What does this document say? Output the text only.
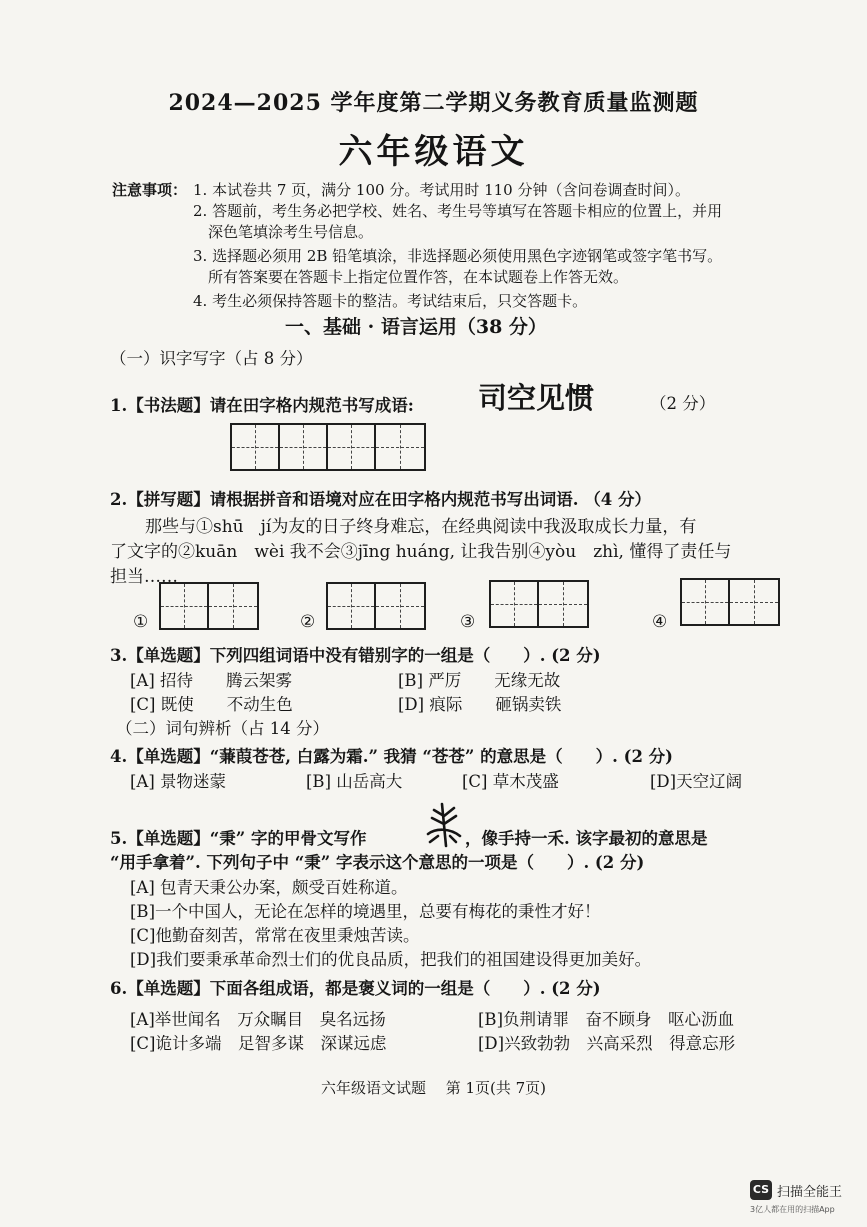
2024—2025 学年度第二学期义务教育质量监测题
六年级语文
注意事项： 1. 本试卷共 7 页，满分 100 分。考试用时 110 分钟（含问卷调查时间）。
2. 答题前，考生务必把学校、姓名、考生号等填写在答题卡相应的位置上，并用
深色笔填涂考生号信息。
3. 选择题必须用 2B 铅笔填涂，非选择题必须使用黑色字迹钢笔或签字笔书写。
所有答案要在答题卡上指定位置作答，在本试题卷上作答无效。
4. 考生必须保持答题卡的整洁。考试结束后，只交答题卡。
一、基础 · 语言运用（38 分）
（一）识字写字（占 8 分）
1.【书法题】请在田字格内规范书写成语: 司空见惯	（2 分）
2.【拼写题】请根据拼音和语境对应在田字格内规范书写出词语. （4 分）
那些与①shū　jí为友的日子终身难忘，在经典阅读中我汲取成长力量，有
了文字的②kuān　wèi 我不会③jīng huáng, 让我告别④yòu　zhì, 懂得了责任与
担当……
①	②	③	④
3.【单选题】下列四组词语中没有错别字的一组是（　　）. (2 分)
[A] 招待　　腾云架雾	[B] 严厉　　无缘无故
[C] 既使　　不动生色	[D] 痕际　　砸锅卖铁
（二）词句辨析（占 14 分）
4.【单选题】“蒹葭苍苍, 白露为霜.” 我猜 “苍苍” 的意思是（　　）. (2 分)
[A] 景物迷蒙	[B] 山岳高大	[C] 草木茂盛	[D]天空辽阔
5.【单选题】“秉” 字的甲骨文写作	，像手持一禾. 该字最初的意思是
“用手拿着”. 下列句子中 “秉” 字表示这个意思的一项是（　　）. (2 分)
[A] 包青天秉公办案，颇受百姓称道。
[B]一个中国人，无论在怎样的境遇里，总要有梅花的秉性才好！
[C]他勤奋刻苦，常常在夜里秉烛苦读。
[D]我们要秉承革命烈士们的优良品质，把我们的祖国建设得更加美好。
6.【单选题】下面各组成语，都是褒义词的一组是（　　）. (2 分)
[A]举世闻名　万众瞩目　臭名远扬	[B]负荆请罪　奋不顾身　呕心沥血
[C]诡计多端　足智多谋　深谋远虑	[D]兴致勃勃　兴高采烈　得意忘形
六年级语文试题　 第 1页(共 7页)
CS 扫描全能王
3亿人都在用的扫描App
